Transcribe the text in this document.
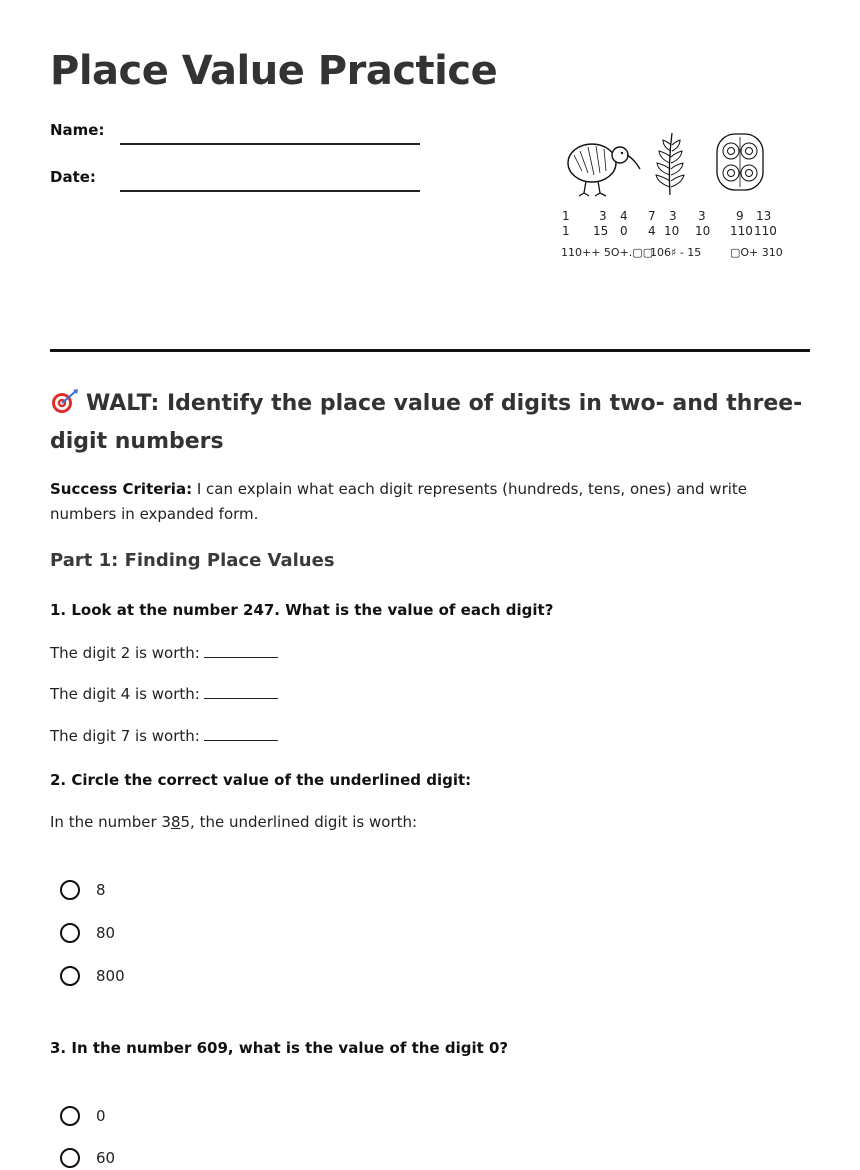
Place Value Practice
Name:
Date:
1 3 4 7 3 3	9 13
1 15 0 4 10 10 110 110
110++ 5O+.▢▢
106♯ - 15	▢O+ 310
WALT: Identify the place value of digits in two- and three-digit numbers

Success Criteria: I can explain what each digit represents (hundreds, tens, ones) and write numbers in expanded form.

Part 1: Finding Place Values

1. Look at the number 247. What is the value of each digit?

The digit 2 is worth:
The digit 4 is worth:
The digit 7 is worth:

2. Circle the correct value of the underlined digit:

In the number 385, the underlined digit is worth:
8
80
800

3. In the number 609, what is the value of the digit 0?

0
60
